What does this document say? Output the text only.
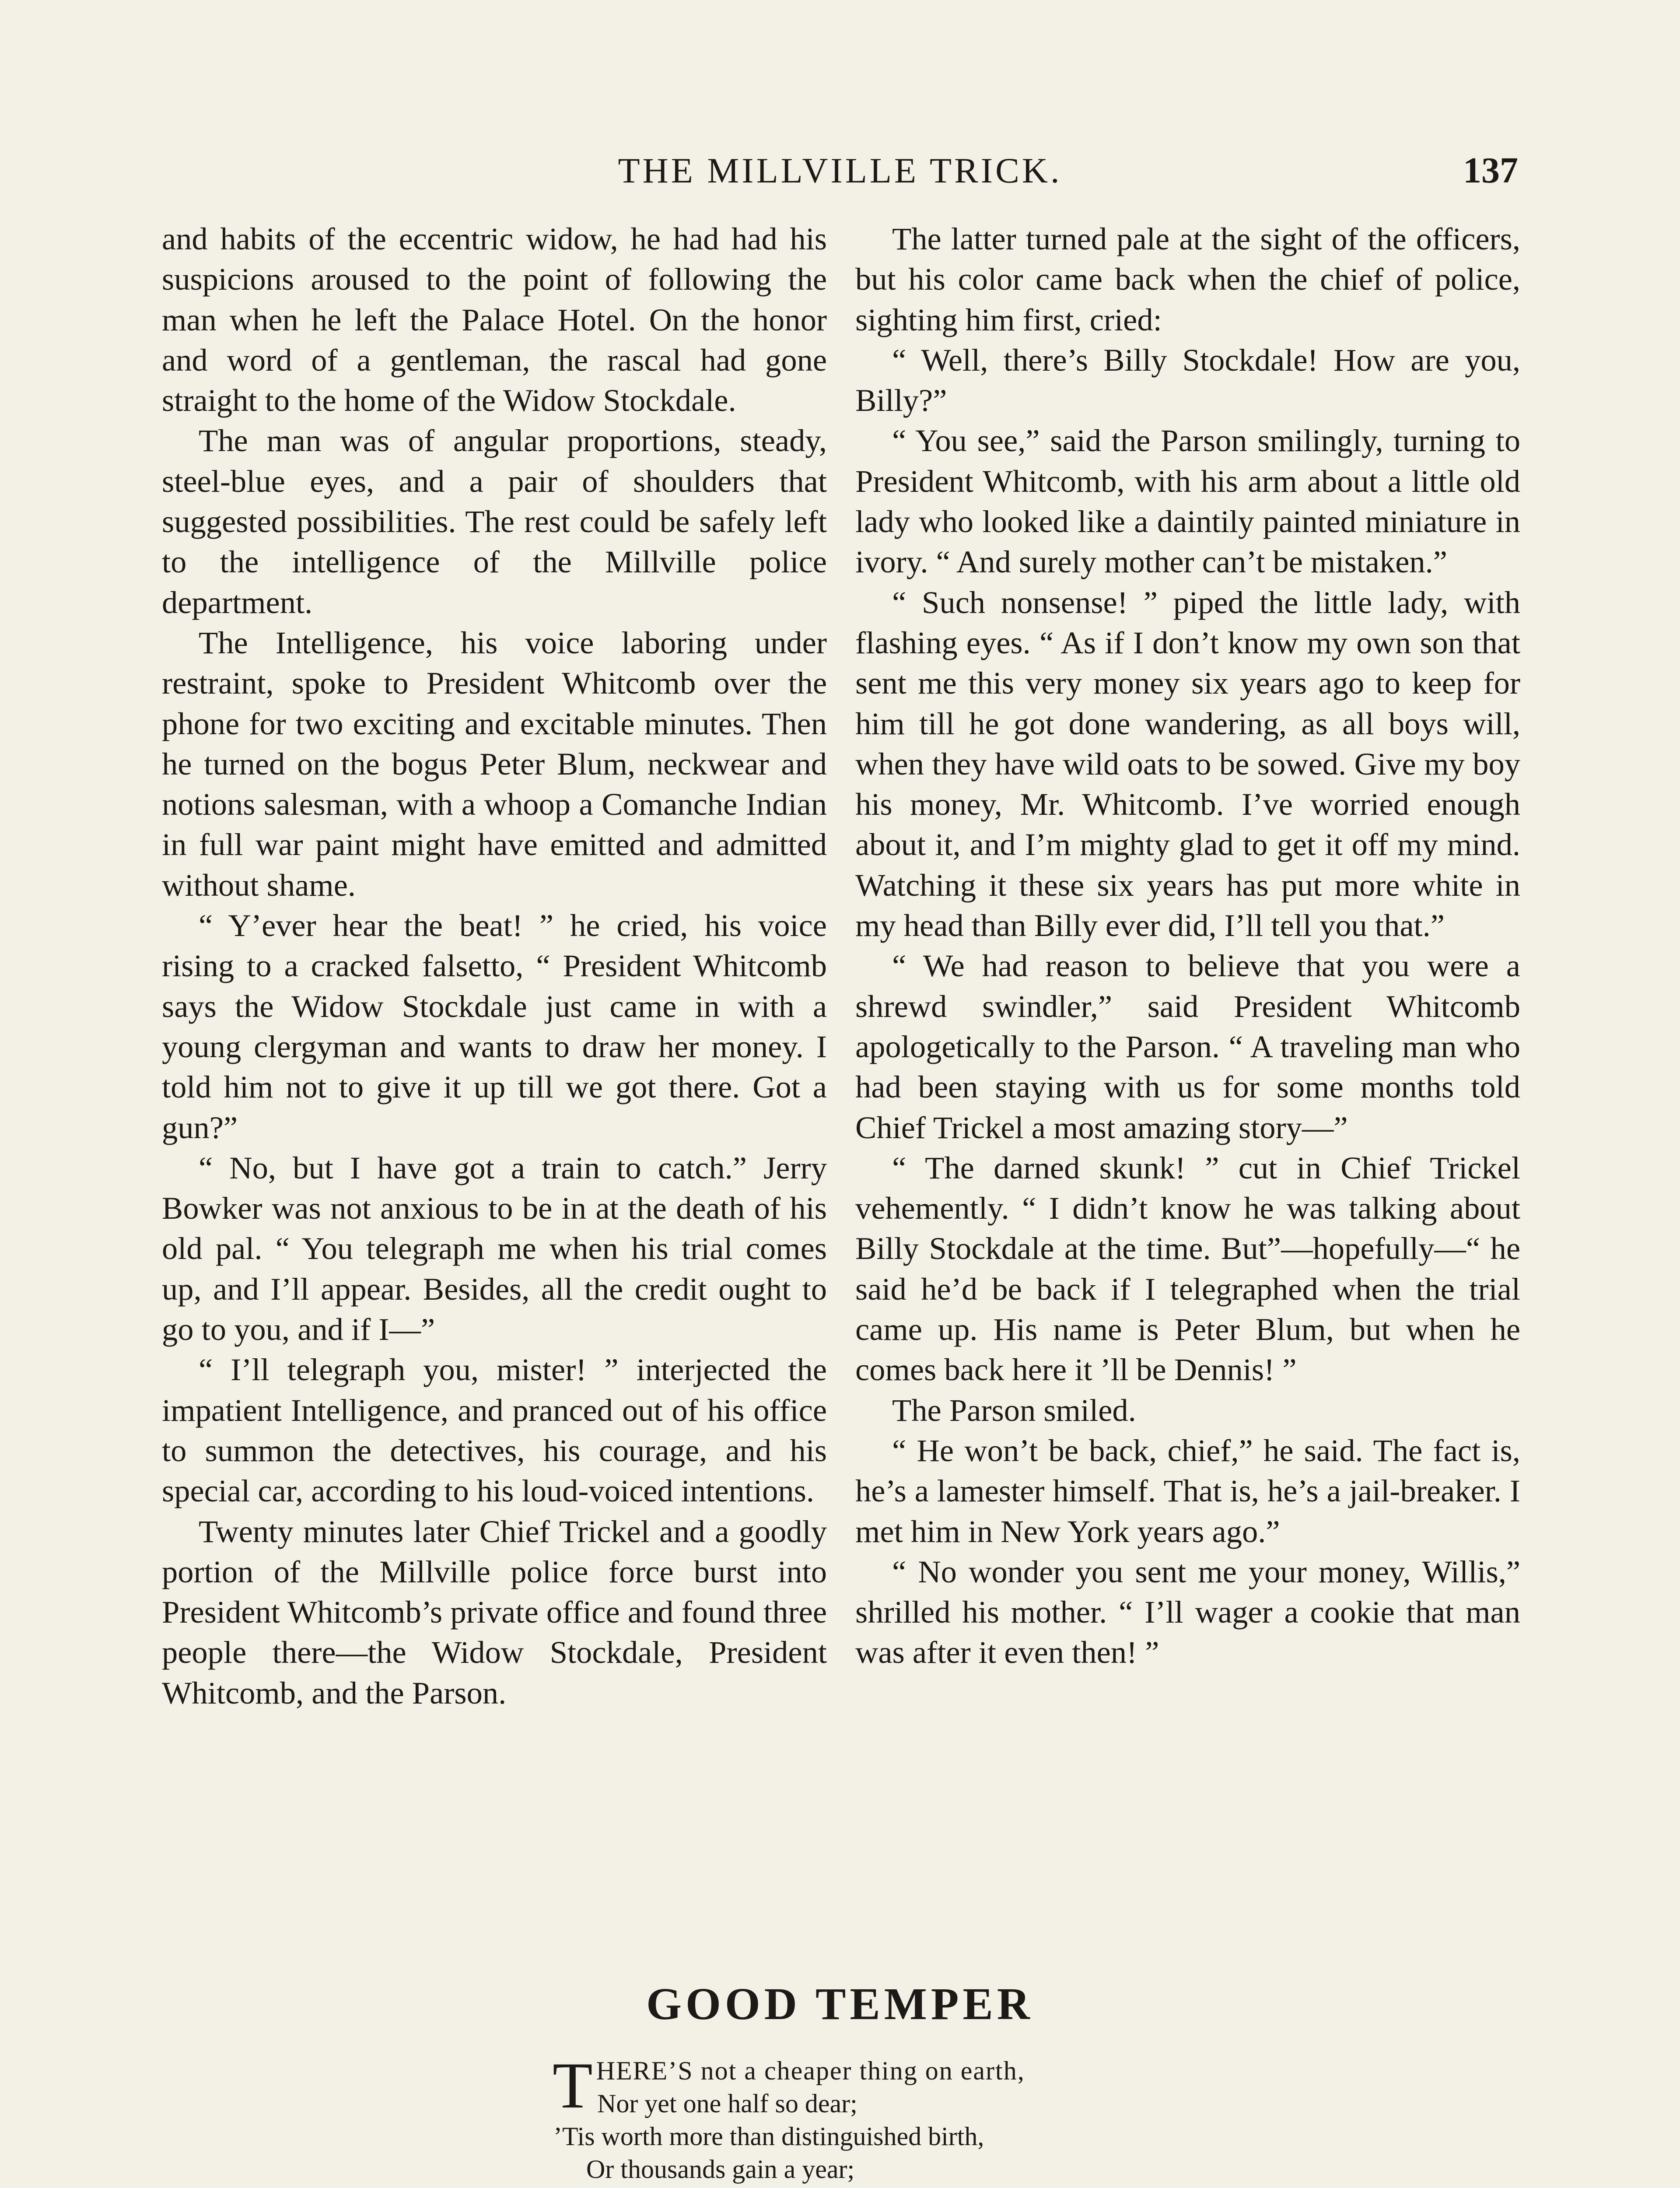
THE MILLVILLE TRICK.	137

and habits of the eccentric widow, he had had his suspicions aroused to the point of following the man when he left the Palace Hotel. On the honor and word of a gentleman, the rascal had gone straight to the home of the Widow Stockdale.

The man was of angular proportions, steady, steel-blue eyes, and a pair of shoulders that suggested possibilities. The rest could be safely left to the intelligence of the Millville police department.

The Intelligence, his voice laboring under restraint, spoke to President Whitcomb over the phone for two exciting and excitable minutes. Then he turned on the bogus Peter Blum, neckwear and notions salesman, with a whoop a Comanche Indian in full war paint might have emitted and admitted without shame.

“ Y’ever hear the beat! ” he cried, his voice rising to a cracked falsetto, “ President Whitcomb says the Widow Stockdale just came in with a young clergyman and wants to draw her money. I told him not to give it up till we got there. Got a gun?”

“ No, but I have got a train to catch.” Jerry Bowker was not anxious to be in at the death of his old pal. “ You telegraph me when his trial comes up, and I’ll appear. Besides, all the credit ought to go to you, and if I—”

“ I’ll telegraph you, mister! ” interjected the impatient Intelligence, and pranced out of his office to summon the detectives, his courage, and his special car, according to his loud-voiced intentions.

Twenty minutes later Chief Trickel and a goodly portion of the Millville police force burst into President Whitcomb’s private office and found three people there—the Widow Stockdale, President Whitcomb, and the Parson.

The latter turned pale at the sight of the officers, but his color came back when the chief of police, sighting him first, cried:

“ Well, there’s Billy Stockdale! How are you, Billy?”

“ You see,” said the Parson smilingly, turning to President Whitcomb, with his arm about a little old lady who looked like a daintily painted miniature in ivory. “ And surely mother can’t be mistaken.”

“ Such nonsense! ” piped the little lady, with flashing eyes. “ As if I don’t know my own son that sent me this very money six years ago to keep for him till he got done wandering, as all boys will, when they have wild oats to be sowed. Give my boy his money, Mr. Whitcomb. I’ve worried enough about it, and I’m mighty glad to get it off my mind. Watching it these six years has put more white in my head than Billy ever did, I’ll tell you that.”

“ We had reason to believe that you were a shrewd swindler,” said President Whitcomb apologetically to the Parson. “ A traveling man who had been staying with us for some months told Chief Trickel a most amazing story—”

“ The darned skunk! ” cut in Chief Trickel vehemently. “ I didn’t know he was talking about Billy Stockdale at the time. But”—hopefully—“ he said he’d be back if I telegraphed when the trial came up. His name is Peter Blum, but when he comes back here it ’ll be Dennis! ”

The Parson smiled.

“ He won’t be back, chief,” he said. The fact is, he’s a lamester himself. That is, he’s a jail-breaker. I met him in New York years ago.”

“ No wonder you sent me your money, Willis,” shrilled his mother. “ I’ll wager a cookie that man was after it even then! ”

GOOD TEMPER
THERE’S not a cheaper thing on earth,
Nor yet one half so dear;
’Tis worth more than distinguished birth,
Or thousands gain a year;
